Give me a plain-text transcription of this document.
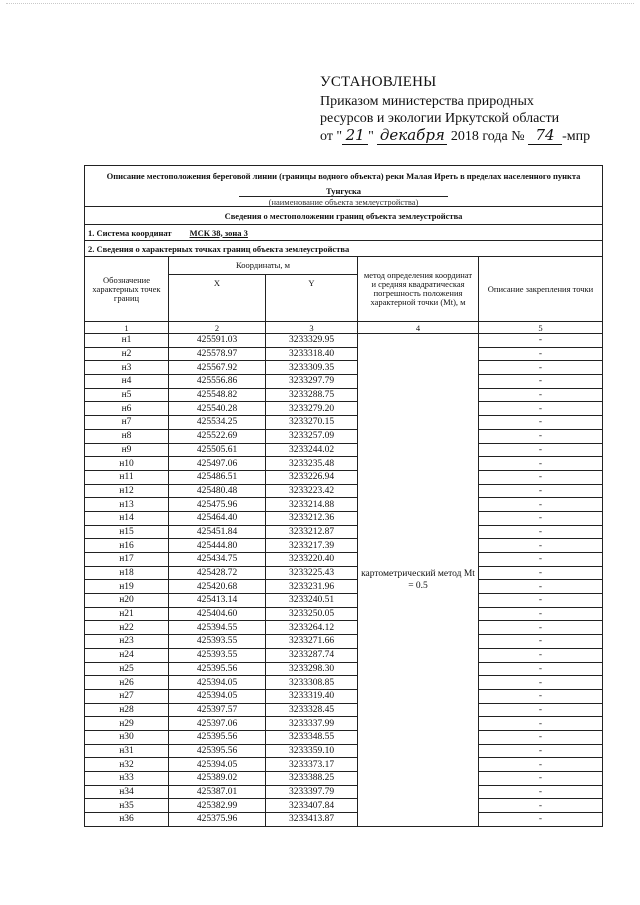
УСТАНОВЛЕНЫ
Приказом министерства природных
ресурсов и экологии Иркутской области
от " 21 " декабря 2018 года № 74 -мпр
Описание местоположения береговой линии (границы водного объекта) реки Малая Иреть в пределах населенного пункта Тунгуска				
(наименование объекта землеустройства)				
Сведения о местоположении границ объекта землеустройства				
1. Система координат МСК 38, зона 3				
2. Сведения о характерных точках границ объекта землеустройства				
Обозначение характерных точек границ	Координаты, м		метод определения координат и средняя квадратическая погрешность положения характерной точки (Mt), м	Описание закрепления точки
	X	Y		
1	2	3	4	5
н1	425591.03	3233329.95	картометрический метод Mt = 0.5	-
н2	425578.97	3233318.40		-
н3	425567.92	3233309.35		-
н4	425556.86	3233297.79		-
н5	425548.82	3233288.75		-
н6	425540.28	3233279.20		-
н7	425534.25	3233270.15		-
н8	425522.69	3233257.09		-
н9	425505.61	3233244.02		-
н10	425497.06	3233235.48		-
н11	425486.51	3233226.94		-
н12	425480.48	3233223.42		-
н13	425475.96	3233214.88		-
н14	425464.40	3233212.36		-
н15	425451.84	3233212.87		-
н16	425444.80	3233217.39		-
н17	425434.75	3233220.40		-
н18	425428.72	3233225.43		-
н19	425420.68	3233231.96		-
н20	425413.14	3233240.51		-
н21	425404.60	3233250.05		-
н22	425394.55	3233264.12		-
н23	425393.55	3233271.66		-
н24	425393.55	3233287.74		-
н25	425395.56	3233298.30		-
н26	425394.05	3233308.85		-
н27	425394.05	3233319.40		-
н28	425397.57	3233328.45		-
н29	425397.06	3233337.99		-
н30	425395.56	3233348.55		-
н31	425395.56	3233359.10		-
н32	425394.05	3233373.17		-
н33	425389.02	3233388.25		-
н34	425387.01	3233397.79		-
н35	425382.99	3233407.84		-
н36	425375.96	3233413.87		-
